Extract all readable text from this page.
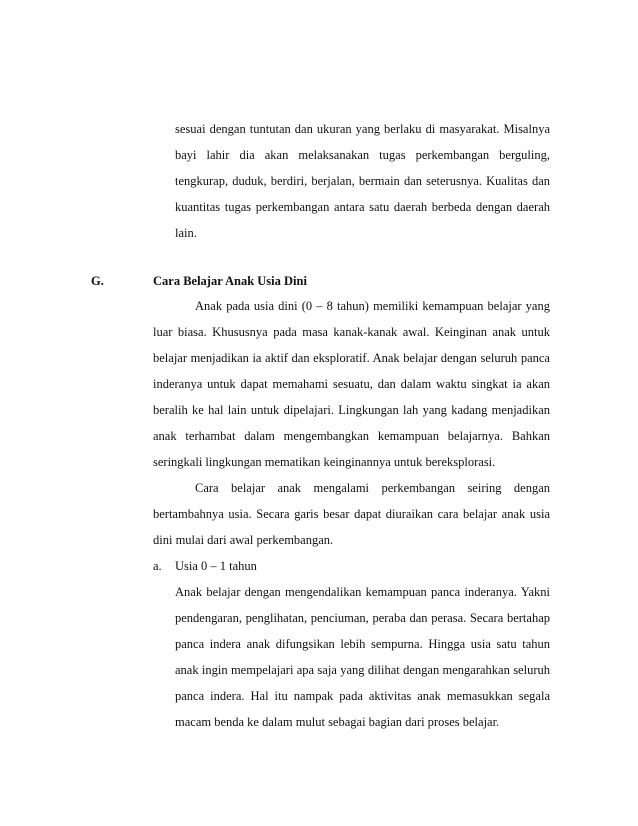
sesuai dengan tuntutan dan ukuran yang berlaku di masyarakat. Misalnya

bayi lahir dia akan melaksanakan tugas perkembangan berguling,

tengkurap, duduk, berdiri, berjalan, bermain dan seterusnya. Kualitas dan

kuantitas tugas perkembangan antara satu daerah berbeda dengan daerah

lain.

G.	Cara Belajar Anak Usia Dini

Anak pada usia dini (0 – 8 tahun) memiliki kemampuan belajar yang

luar biasa. Khususnya pada masa kanak-kanak awal. Keinginan anak untuk

belajar menjadikan ia aktif dan eksploratif. Anak belajar dengan seluruh panca

inderanya untuk dapat memahami sesuatu, dan dalam waktu singkat ia akan

beralih ke hal lain untuk dipelajari. Lingkungan lah yang kadang menjadikan

anak terhambat dalam mengembangkan kemampuan belajarnya. Bahkan

seringkali lingkungan mematikan keinginannya untuk bereksplorasi.

Cara belajar anak mengalami perkembangan seiring dengan

bertambahnya usia. Secara garis besar dapat diuraikan cara belajar anak usia

dini mulai dari awal perkembangan.

a. Usia 0 – 1 tahun

Anak belajar dengan mengendalikan kemampuan panca inderanya. Yakni

pendengaran, penglihatan, penciuman, peraba dan perasa. Secara bertahap

panca indera anak difungsikan lebih sempurna. Hingga usia satu tahun

anak ingin mempelajari apa saja yang dilihat dengan mengarahkan seluruh

panca indera. Hal itu nampak pada aktivitas anak memasukkan segala

macam benda ke dalam mulut sebagai bagian dari proses belajar.
